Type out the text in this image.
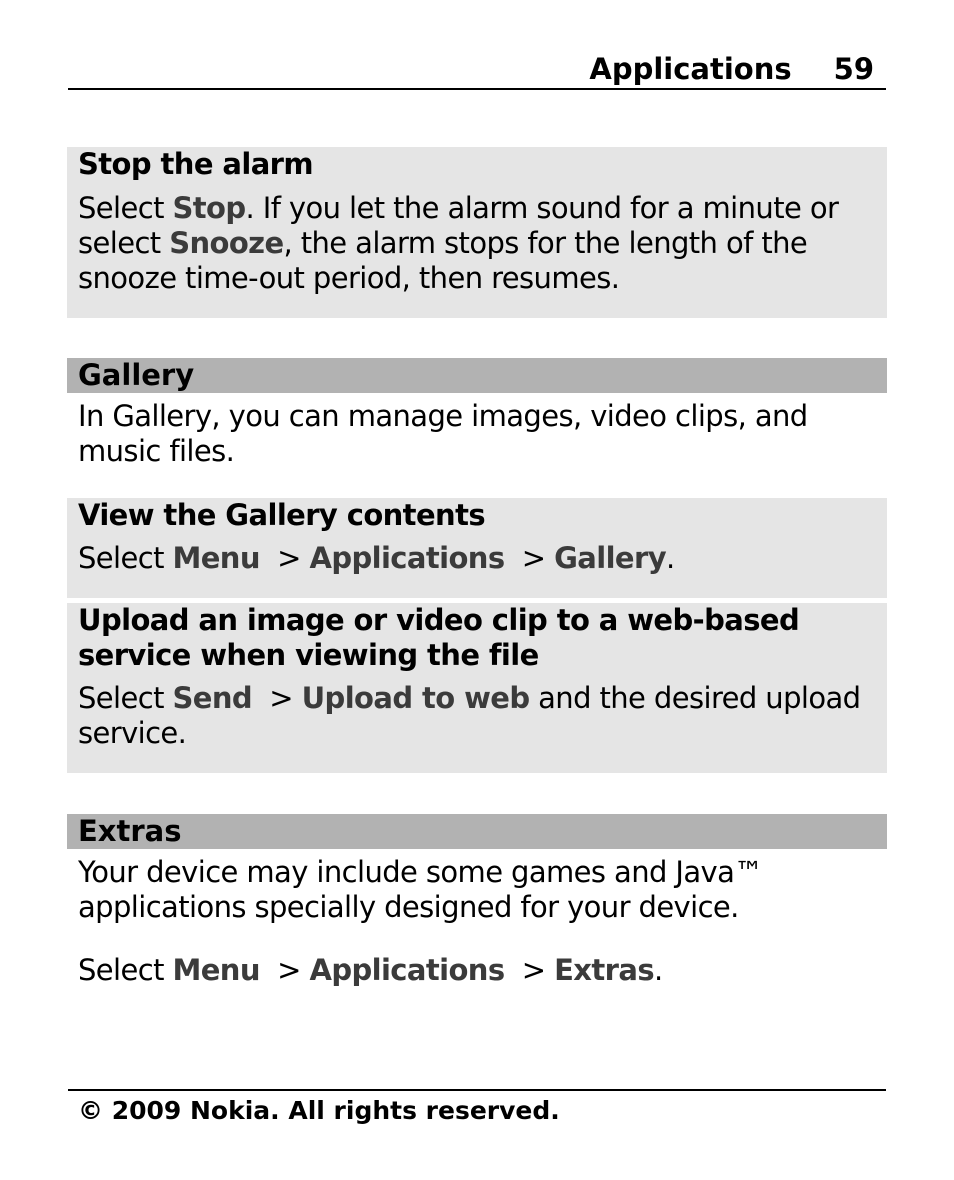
Applications 59
Stop the alarm
Select Stop. If you let the alarm sound for a minute or select Snooze, the alarm stops for the length of the snooze time-out period, then resumes.
Gallery
In Gallery, you can manage images, video clips, and music files.
View the Gallery contents
Select Menu  > Applications  > Gallery.
Upload an image or video clip to a web-based service when viewing the file
Select Send  > Upload to web and the desired upload service.
Extras
Your device may include some games and Java™ applications specially designed for your device.
Select Menu  > Applications  > Extras.
© 2009 Nokia. All rights reserved.
